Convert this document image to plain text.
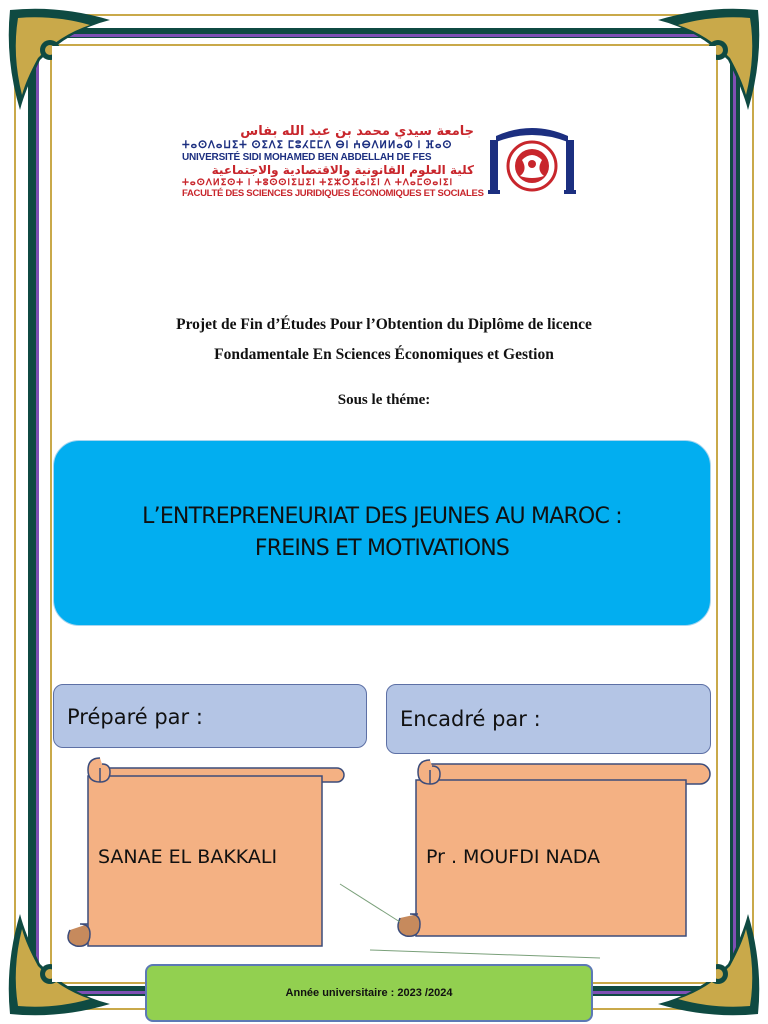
جامعة سيدي محمد بن عبد الله بفاس
ⵜⴰⵙⴷⴰⵡⵉⵜ ⵙⵉⴷⵉ ⵎⵓⵃⵎⵎⴷ ⴱⵏ ⵄⴱⴷⵍⵍⴰⵀ ⵏ ⴼⴰⵙ
UNIVERSITÉ SIDI MOHAMED BEN ABDELLAH DE FES
كلية العلوم القانونية والاقتصادية والاجتماعية
ⵜⴰⵙⴷⵍⵉⵙⵜ ⵏ ⵜⵓⵙⵙⵏⵉⵡⵉⵏ ⵜⵉⵣⵔⴼⴰⵏⵉⵏ ⴷ ⵜⴷⴰⵎⵙⴰⵏⵉⵏ
FACULTÉ DES SCIENCES JURIDIQUES ÉCONOMIQUES ET SOCIALES
Projet de Fin d’Études Pour l’Obtention du Diplôme de licence
Fondamentale En Sciences Économiques et Gestion
Sous le théme:
L’ENTREPRENEURIAT DES JEUNES AU MAROC :
FREINS ET MOTIVATIONS
Préparé par :	Encadré par :
SANAE EL BAKKALI	Pr . MOUFDI NADA
Année universitaire : 2023 /2024
